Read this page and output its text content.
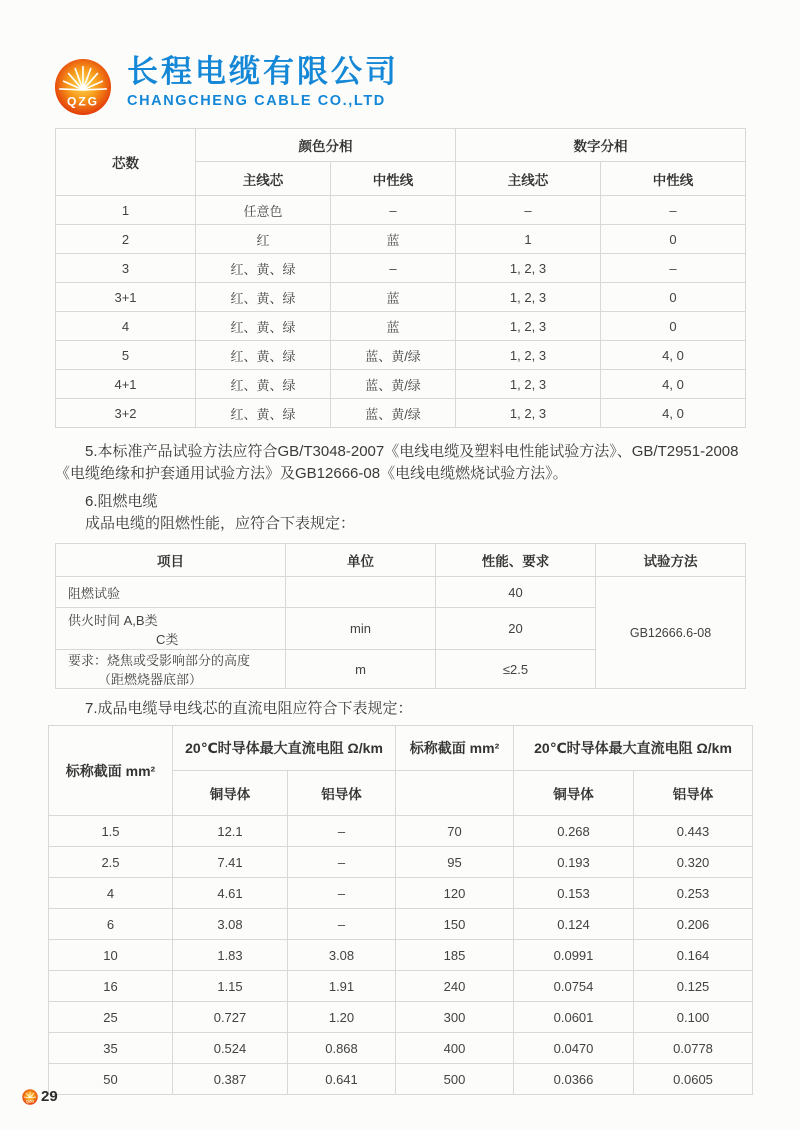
QZG
长程电缆有限公司
CHANGCHENG CABLE CO.,LTD
芯数	颜色分相		数字分相	
	主线芯	中性线	主线芯	中性线
1	任意色	–	–	–
2	红	蓝	1	0
3	红、黄、绿	–	1, 2, 3	–
3+1	红、黄、绿	蓝	1, 2, 3	0
4	红、黄、绿	蓝	1, 2, 3	0
5	红、黄、绿	蓝、黄/绿	1, 2, 3	4, 0
4+1	红、黄、绿	蓝、黄/绿	1, 2, 3	4, 0
3+2	红、黄、绿	蓝、黄/绿	1, 2, 3	4, 0
5.本标准产品试验方法应符合GB/T3048-2007《电线电缆及塑料电性能试验方法》、GB/T2951-2008《电缆绝缘和护套通用试验方法》及GB12666-08《电线电缆燃烧试验方法》。
6.阻燃电缆
成品电缆的阻燃性能，应符合下表规定：
项目	单位	性能、要求	试验方法
阻燃试验		40	GB12666.6-08

供火时间 A,B类
C类	min	20	

要求：烧焦或受影响部分的高度
（距燃烧器底部）	m	≤2.5	
7.成品电缆导电线芯的直流电阻应符合下表规定：
标称截面 mm²	20℃时导体最大直流电阻 Ω/km		标称截面 mm²	20℃时导体最大直流电阻 Ω/km	
	铜导体	铝导体		铜导体	铝导体
1.5	12.1	–	70	0.268	0.443
2.5	7.41	–	95	0.193	0.320
4	4.61	–	120	0.153	0.253
6	3.08	–	150	0.124	0.206
10	1.83	3.08	185	0.0991	0.164
16	1.15	1.91	240	0.0754	0.125
25	0.727	1.20	300	0.0601	0.100
35	0.524	0.868	400	0.0470	0.0778
50	0.387	0.641	500	0.0366	0.0605
QZG 29
